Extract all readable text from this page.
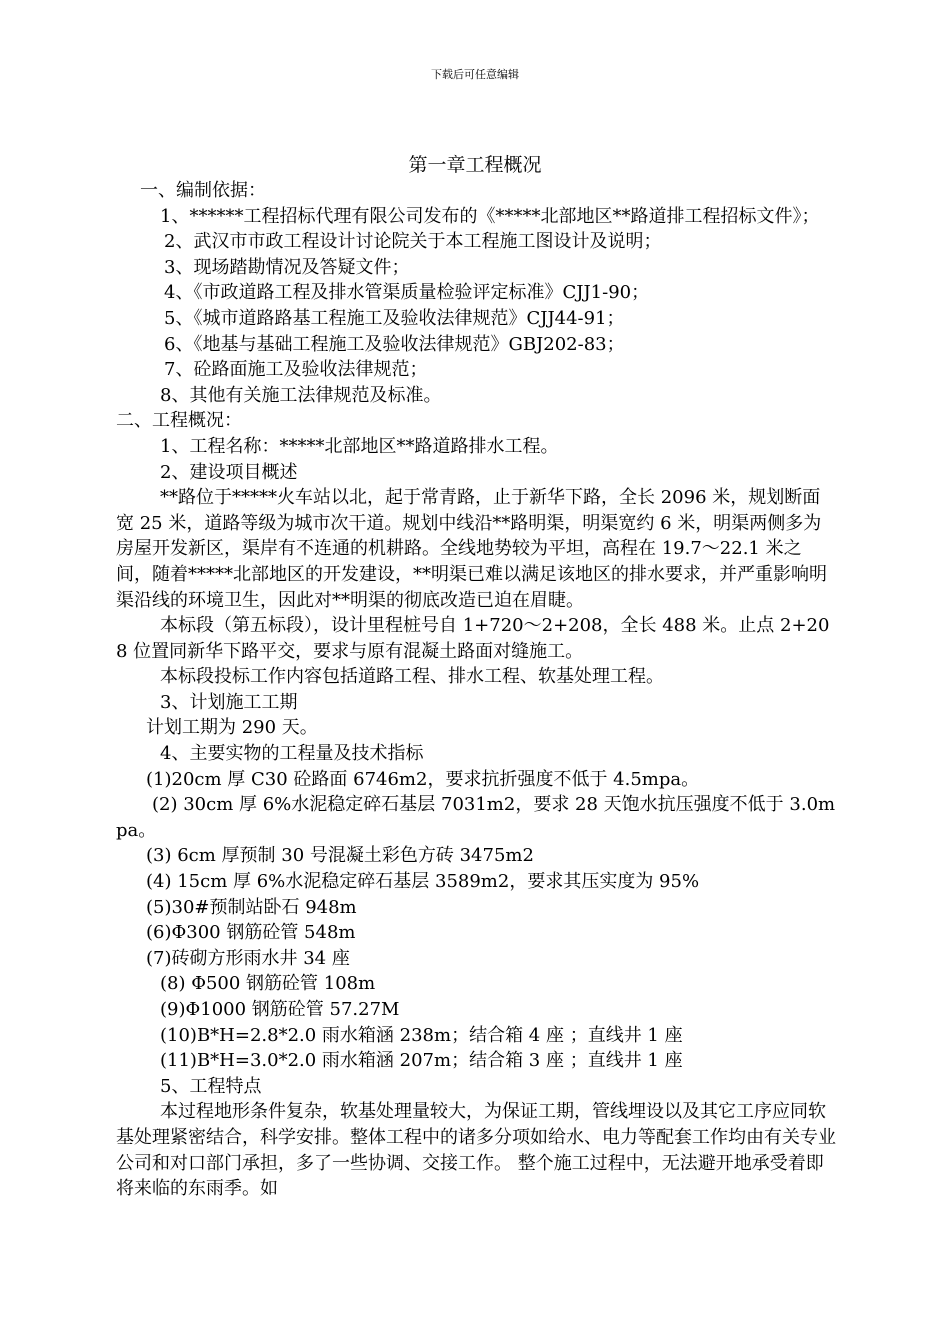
下载后可任意编辑
第一章工程概况

一、编制依据：

1、******工程招标代理有限公司发布的《*****北部地区**路道排工程招标文件》；

2、武汉市市政工程设计讨论院关于本工程施工图设计及说明；

3、现场踏勘情况及答疑文件；

4、《市政道路工程及排水管渠质量检验评定标准》CJJ1-90；

5、《城市道路路基工程施工及验收法律规范》CJJ44-91；

6、《地基与基础工程施工及验收法律规范》GBJ202-83；

7、砼路面施工及验收法律规范；

8、其他有关施工法律规范及标准。

二、工程概况：

1、工程名称：*****北部地区**路道路排水工程。

2、建设项目概述

**路位于*****火车站以北，起于常青路，止于新华下路，全长 2096 米，规划断面宽 25 米，道路等级为城市次干道。规划中线沿**路明渠，明渠宽约 6 米，明渠两侧多为房屋开发新区，渠岸有不连通的机耕路。全线地势较为平坦，高程在 19.7～22.1 米之间，随着*****北部地区的开发建设，**明渠已难以满足该地区的排水要求，并严重影响明渠沿线的环境卫生，因此对**明渠的彻底改造已迫在眉睫。

本标段（第五标段），设计里程桩号自 1+720～2+208，全长 488 米。止点 2+208 位置同新华下路平交，要求与原有混凝土路面对缝施工。

本标段投标工作内容包括道路工程、排水工程、软基处理工程。

3、计划施工工期

计划工期为 290 天。

4、主要实物的工程量及技术指标

(1)20cm 厚 C30 砼路面 6746m2，要求抗折强度不低于 4.5mpa。

(2) 30cm 厚 6%水泥稳定碎石基层 7031m2，要求 28 天饱水抗压强度不低于 3.0mpa。

(3) 6cm 厚预制 30 号混凝土彩色方砖 3475m2

(4) 15cm 厚 6%水泥稳定碎石基层 3589m2，要求其压实度为 95%

(5)30#预制站卧石 948m

(6)Φ300 钢筋砼管 548m

(7)砖砌方形雨水井 34 座

(8) Φ500 钢筋砼管 108m

(9)Φ1000 钢筋砼管 57.27M

(10)B*H=2.8*2.0 雨水箱涵 238m；结合箱 4 座 ；直线井 1 座

(11)B*H=3.0*2.0 雨水箱涵 207m；结合箱 3 座 ；直线井 1 座

5、工程特点

本过程地形条件复杂，软基处理量较大，为保证工期，管线埋设以及其它工序应同软基处理紧密结合，科学安排。整体工程中的诸多分项如给水、电力等配套工作均由有关专业公司和对口部门承担，多了一些协调、交接工作。 整个施工过程中，无法避开地承受着即将来临的东雨季。如
